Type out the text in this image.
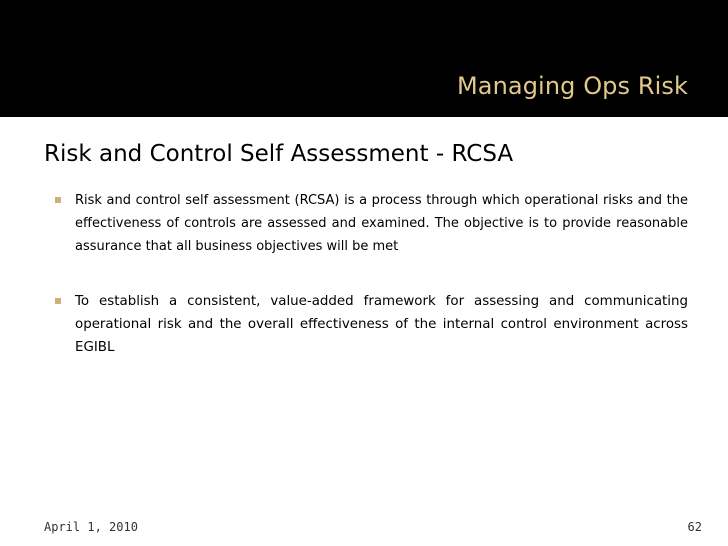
Managing Ops Risk
Risk and Control Self Assessment - RCSA
Risk and control self assessment (RCSA) is a process through which operational risks and the effectiveness of controls are assessed and examined. The objective is to provide reasonable assurance that all business objectives will be met
To establish a consistent, value-added framework for assessing and communicating operational risk and the overall effectiveness of the internal control environment across EGIBL
April 1, 2010	62
